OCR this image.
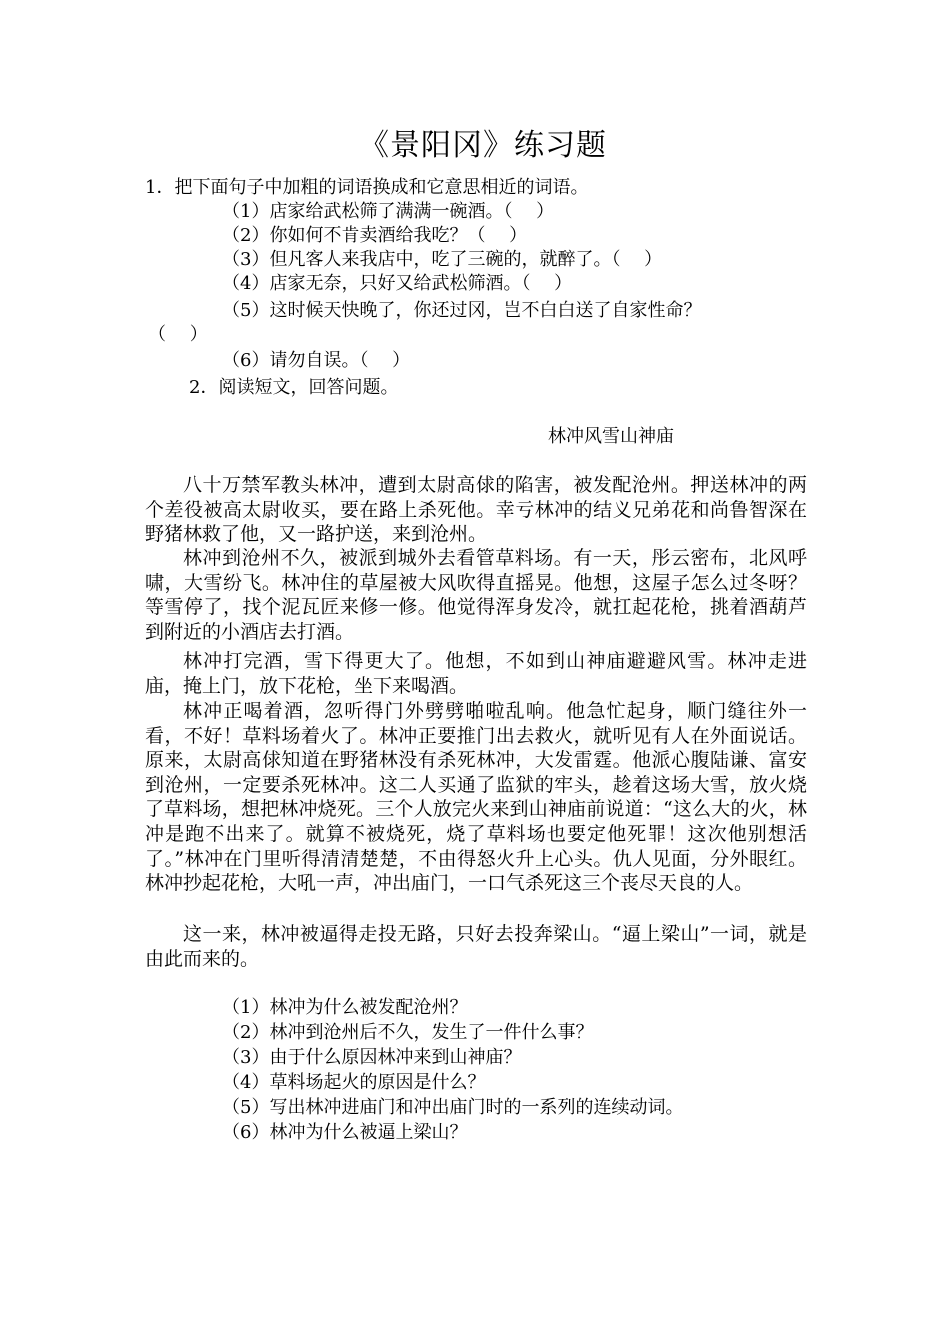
《景阳冈》练习题
1．把下面句子中加粗的词语换成和它意思相近的词语。
（1）店家给武松筛了满满一碗酒。（　 ）
（2）你如何不肯卖酒给我吃？（　 ）
（3）但凡客人来我店中，吃了三碗的，就醉了。（　 ）
（4）店家无奈，只好又给武松筛酒。（　 ）
（5）这时候天快晚了，你还过冈，岂不白白送了自家性命？
（　 ）
（6）请勿自误。（　 ）
2．阅读短文，回答问题。
林冲风雪山神庙
八十万禁军教头林冲，遭到太尉高俅的陷害，被发配沧州。押送林冲的两个差役被高太尉收买，要在路上杀死他。幸亏林冲的结义兄弟花和尚鲁智深在野猪林救了他，又一路护送，来到沧州。
林冲到沧州不久，被派到城外去看管草料场。有一天，彤云密布，北风呼啸，大雪纷飞。林冲住的草屋被大风吹得直摇晃。他想，这屋子怎么过冬呀？等雪停了，找个泥瓦匠来修一修。他觉得浑身发冷，就扛起花枪，挑着酒葫芦到附近的小酒店去打酒。
林冲打完酒，雪下得更大了。他想，不如到山神庙避避风雪。林冲走进庙，掩上门，放下花枪，坐下来喝酒。
林冲正喝着酒，忽听得门外劈劈啪啦乱响。他急忙起身，顺门缝往外一看，不好！草料场着火了。林冲正要推门出去救火，就听见有人在外面说话。原来，太尉高俅知道在野猪林没有杀死林冲，大发雷霆。他派心腹陆谦、富安到沧州，一定要杀死林冲。这二人买通了监狱的牢头，趁着这场大雪，放火烧了草料场，想把林冲烧死。三个人放完火来到山神庙前说道：“这么大的火，林冲是跑不出来了。就算不被烧死，烧了草料场也要定他死罪！这次他别想活了。”林冲在门里听得清清楚楚，不由得怒火升上心头。仇人见面，分外眼红。林冲抄起花枪，大吼一声，冲出庙门，一口气杀死这三个丧尽天良的人。
这一来，林冲被逼得走投无路，只好去投奔梁山。“逼上梁山”一词，就是由此而来的。
（1）林冲为什么被发配沧州？
（2）林冲到沧州后不久，发生了一件什么事？
（3）由于什么原因林冲来到山神庙？
（4）草料场起火的原因是什么？
（5）写出林冲进庙门和冲出庙门时的一系列的连续动词。
（6）林冲为什么被逼上梁山？
